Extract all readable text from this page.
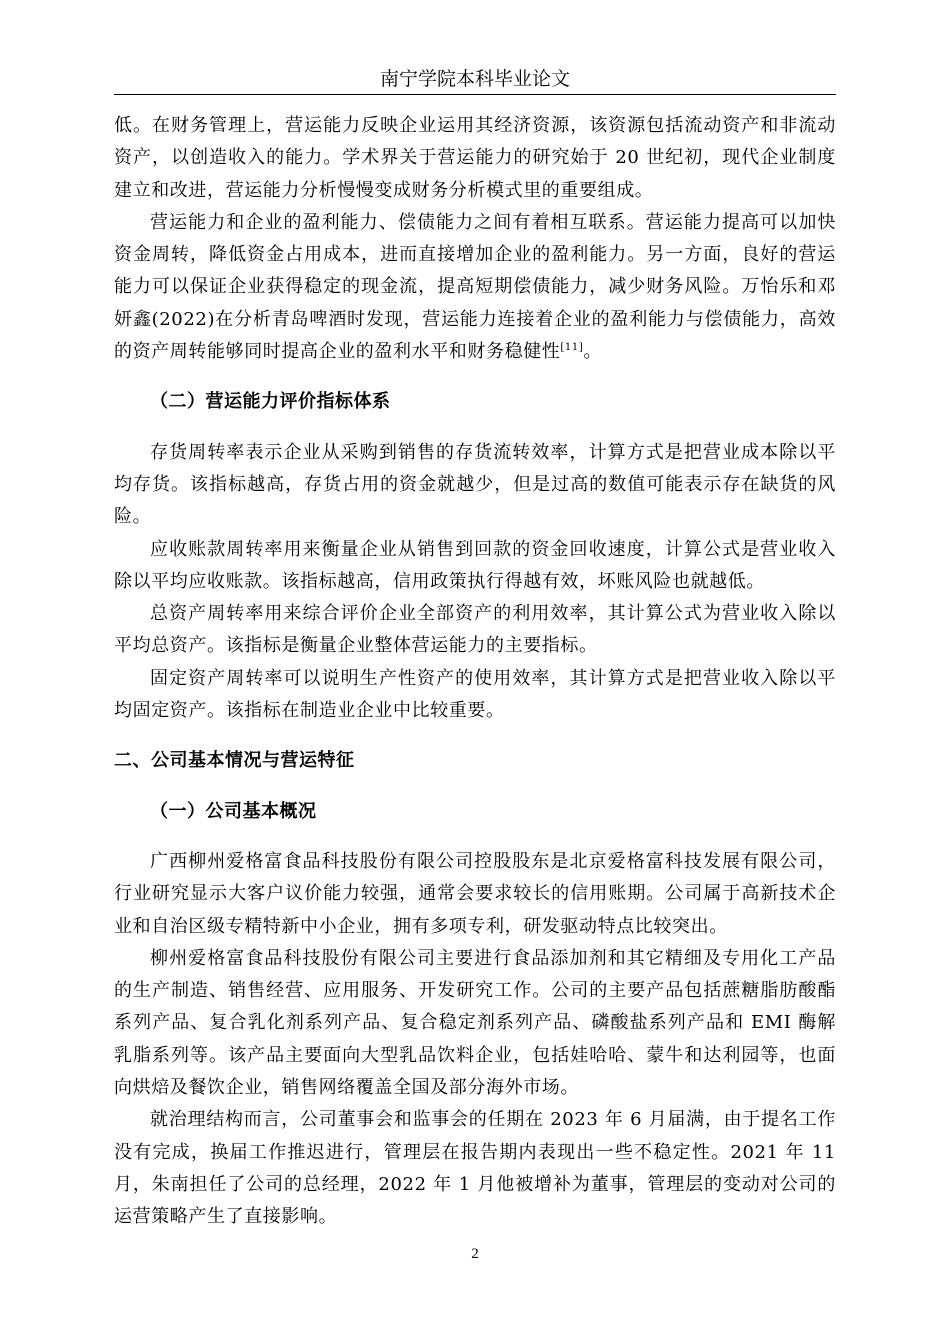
南宁学院本科毕业论文

低。在财务管理上，营运能力反映企业运用其经济资源，该资源包括流动资产和非流动资产，以创造收入的能力。学术界关于营运能力的研究始于 20 世纪初，现代企业制度建立和改进，营运能力分析慢慢变成财务分析模式里的重要组成。

营运能力和企业的盈利能力、偿债能力之间有着相互联系。营运能力提高可以加快资金周转，降低资金占用成本，进而直接增加企业的盈利能力。另一方面，良好的营运能力可以保证企业获得稳定的现金流，提高短期偿债能力，减少财务风险。万怡乐和邓妍鑫(2022)在分析青岛啤酒时发现，营运能力连接着企业的盈利能力与偿债能力，高效的资产周转能够同时提高企业的盈利水平和财务稳健性[11]。

（二）营运能力评价指标体系

存货周转率表示企业从采购到销售的存货流转效率，计算方式是把营业成本除以平均存货。该指标越高，存货占用的资金就越少，但是过高的数值可能表示存在缺货的风险。

应收账款周转率用来衡量企业从销售到回款的资金回收速度，计算公式是营业收入除以平均应收账款。该指标越高，信用政策执行得越有效，坏账风险也就越低。

总资产周转率用来综合评价企业全部资产的利用效率，其计算公式为营业收入除以平均总资产。该指标是衡量企业整体营运能力的主要指标。

固定资产周转率可以说明生产性资产的使用效率，其计算方式是把营业收入除以平均固定资产。该指标在制造业企业中比较重要。

二、公司基本情况与营运特征
（一）公司基本概况

广西柳州爱格富食品科技股份有限公司控股股东是北京爱格富科技发展有限公司，行业研究显示大客户议价能力较强，通常会要求较长的信用账期。公司属于高新技术企业和自治区级专精特新中小企业，拥有多项专利，研发驱动特点比较突出。

柳州爱格富食品科技股份有限公司主要进行食品添加剂和其它精细及专用化工产品的生产制造、销售经营、应用服务、开发研究工作。公司的主要产品包括蔗糖脂肪酸酯系列产品、复合乳化剂系列产品、复合稳定剂系列产品、磷酸盐系列产品和 EMI 酶解乳脂系列等。该产品主要面向大型乳品饮料企业，包括娃哈哈、蒙牛和达利园等，也面向烘焙及餐饮企业，销售网络覆盖全国及部分海外市场。

就治理结构而言，公司董事会和监事会的任期在 2023 年 6 月届满，由于提名工作没有完成，换届工作推迟进行，管理层在报告期内表现出一些不稳定性。2021 年 11 月，朱南担任了公司的总经理，2022 年 1 月他被增补为董事，管理层的变动对公司的运营策略产生了直接影响。

2
